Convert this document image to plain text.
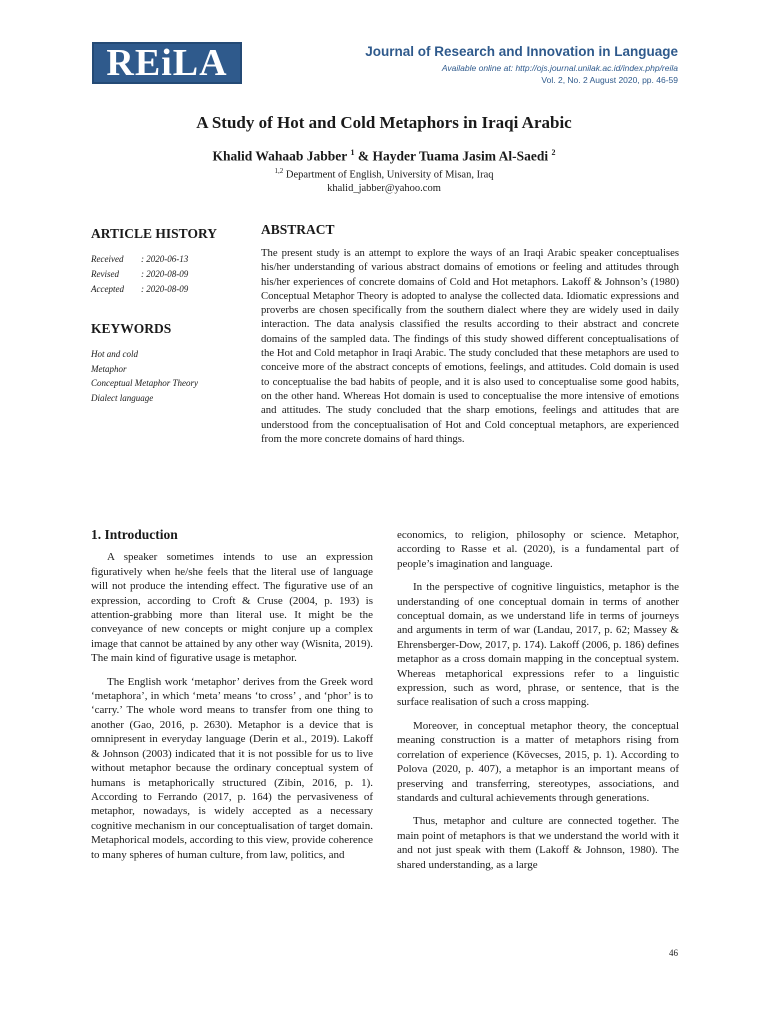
REiLA	Journal of Research and Innovation in Language
Available online at: http://ojs.journal.unilak.ac.id/index.php/reila
Vol. 2, No. 2 August 2020, pp. 46-59
A Study of Hot and Cold Metaphors in Iraqi Arabic
Khalid Wahaab Jabber $^1$ & Hayder Tuama Jasim Al-Saedi $^2$
$^{1,2}$ Department of English, University of Misan, Iraq
khalid_jabber@yahoo.com
ARTICLE HISTORY
Received	: 2020-06-13
Revised	: 2020-08-09
Accepted	: 2020-08-09
KEYWORDS
Hot and cold
Metaphor
Conceptual Metaphor Theory
Dialect language
ABSTRACT

The present study is an attempt to explore the ways of an Iraqi Arabic speaker conceptualises his/her understanding of various abstract domains of emotions or feeling and attitudes through his/her experiences of concrete domains of Cold and Hot metaphors. Lakoff & Johnson’s (1980) Conceptual Metaphor Theory is adopted to analyse the collected data. Idiomatic expressions and proverbs are chosen specifically from the southern dialect where they are widely used in daily interaction. The data analysis classified the results according to their abstract and concrete domains of the sampled data. The findings of this study showed different conceptualisations of the Hot and Cold metaphor in Iraqi Arabic. The study concluded that these metaphors are used to conceive more of the abstract concepts of emotions, feelings, and attitudes. Cold domain is used to conceptualise the bad habits of people, and it is also used to conceptualise some good habits, on the other hand. Whereas Hot domain is used to conceptualise the more intensive of emotions and attitudes. The study concluded that the sharp emotions, feelings and attitudes that are understood from the conceptualisation of Hot and Cold conceptual metaphors, are experienced from the more concrete domains of hard things.

1. Introduction

A speaker sometimes intends to use an expression figuratively when he/she feels that the literal use of language will not produce the intending effect. The figurative use of an expression, according to Croft & Cruse (2004, p. 193) is attention-grabbing more than literal use. It might be the conveyance of new concepts or might conjure up a complex image that cannot be attained by any other way (Wisnita, 2019). The main kind of figurative usage is metaphor.

The English work ‘metaphor’ derives from the Greek word ‘metaphora’, in which ‘meta’ means ‘to cross’ , and ‘phor’ is to ‘carry.’ The whole word means to transfer from one thing to another (Gao, 2016, p. 2630). Metaphor is a device that is omnipresent in everyday language (Derin et al., 2019). Lakoff & Johnson (2003) indicated that it is not possible for us to live without metaphor because the ordinary conceptual system of humans is metaphorically structured (Zibin, 2016, p. 1). According to Ferrando (2017, p. 164) the pervasiveness of metaphor, nowadays, is widely accepted as a necessary cognitive mechanism in our conceptualisation of target domain. Metaphorical models, according to this view, provide coherence to many spheres of human culture, from law, politics, and

economics, to religion, philosophy or science. Metaphor, according to Rasse et al. (2020), is a fundamental part of people’s imagination and language.

In the perspective of cognitive linguistics, metaphor is the understanding of one conceptual domain in terms of another conceptual domain, as we understand life in terms of journeys and arguments in term of war (Landau, 2017, p. 62; Massey & Ehrensberger-Dow, 2017, p. 174). Lakoff (2006, p. 186) defines metaphor as a cross domain mapping in the conceptual system. Whereas metaphorical expressions refer to a linguistic expression, such as word, phrase, or sentence, that is the surface realisation of such a cross mapping.

Moreover, in conceptual metaphor theory, the conceptual meaning construction is a matter of metaphors rising from correlation of experience (Kövecses, 2015, p. 1). According to Polova (2020, p. 407), a metaphor is an important means of preserving and transferring, stereotypes, associations, and standards and cultural achievements through generations.

Thus, metaphor and culture are connected together. The main point of metaphors is that we understand the world with it and not just speak with them (Lakoff & Johnson, 1980). The shared understanding, as a large

46
